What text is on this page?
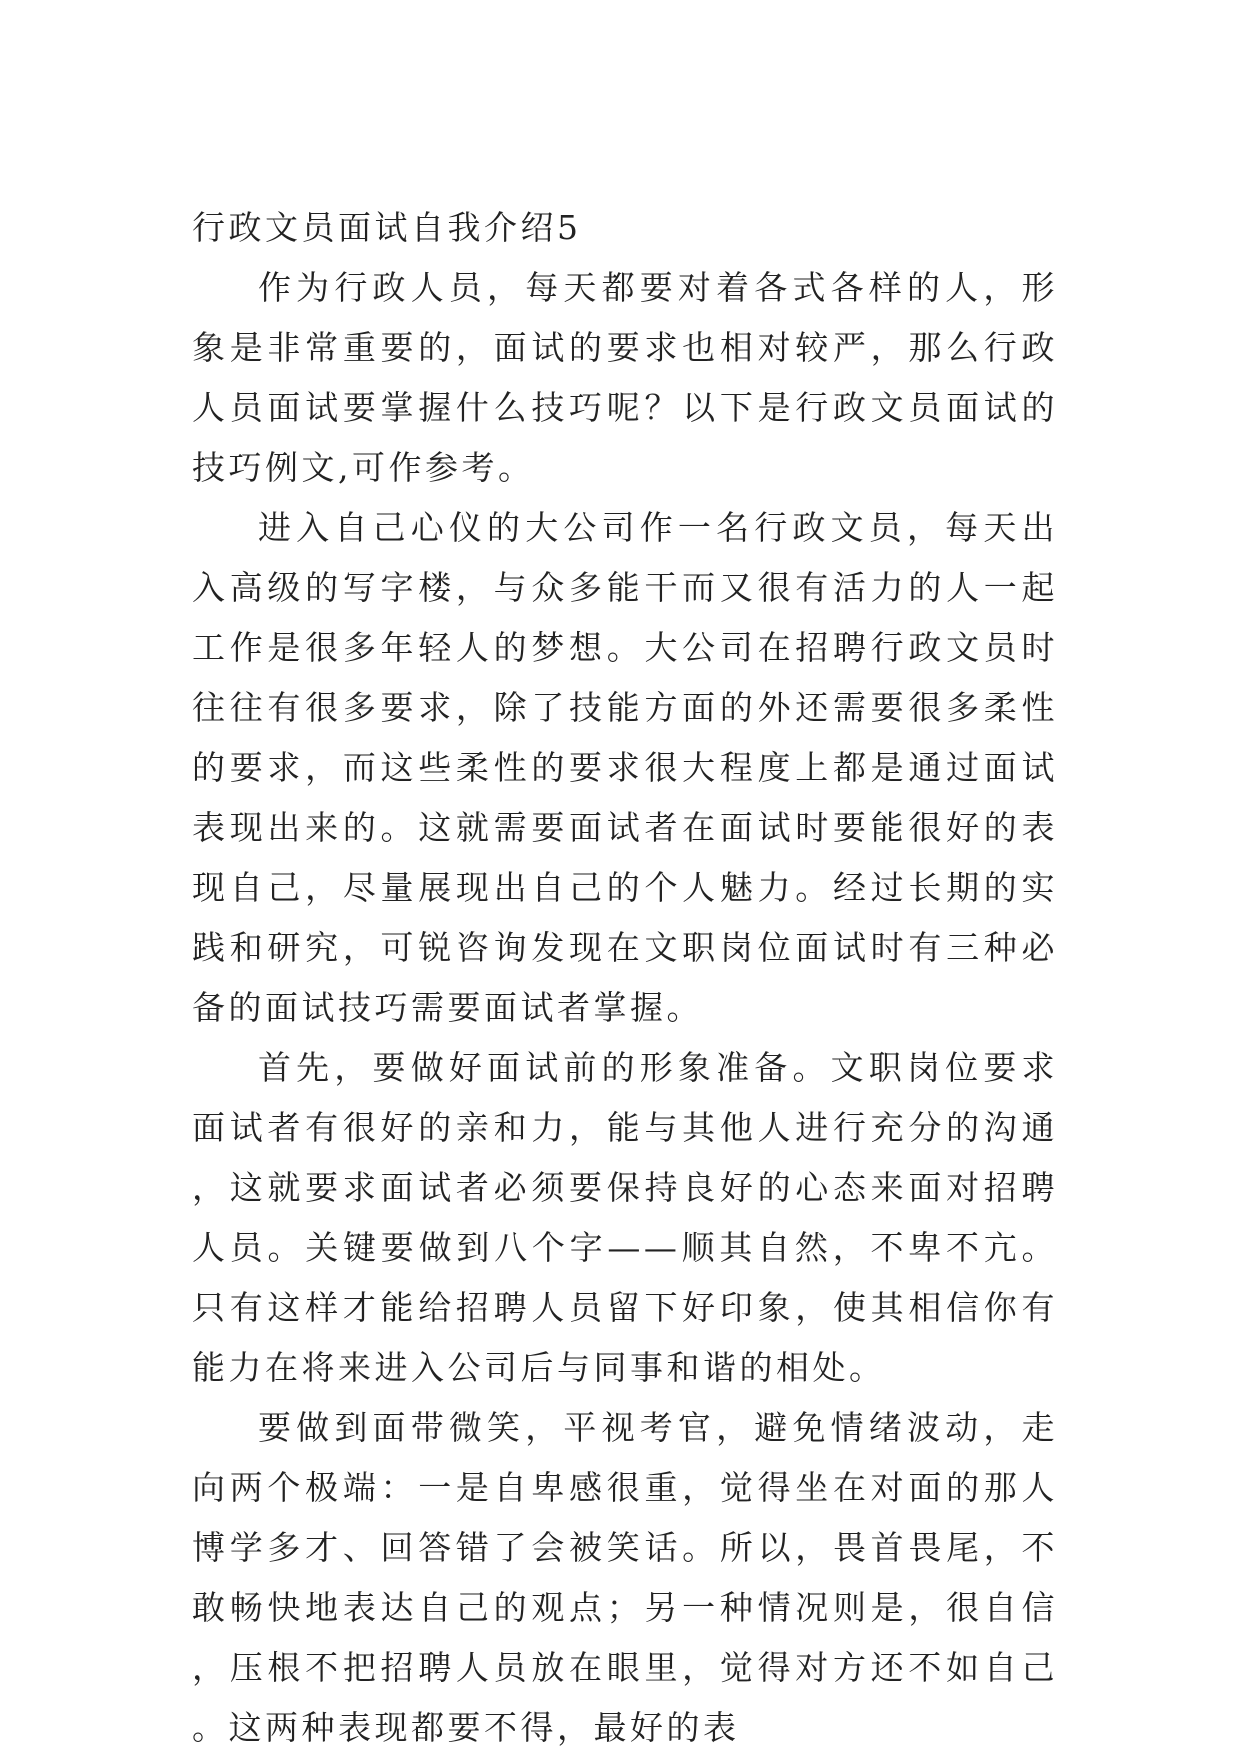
行政文员面试自我介绍5

作为行政人员，每天都要对着各式各样的人，形象是非常重要的，面试的要求也相对较严，那么行政人员面试要掌握什么技巧呢？以下是行政文员面试的技巧例文,可作参考。

进入自己心仪的大公司作一名行政文员，每天出入高级的写字楼，与众多能干而又很有活力的人一起工作是很多年轻人的梦想。大公司在招聘行政文员时往往有很多要求，除了技能方面的外还需要很多柔性的要求，而这些柔性的要求很大程度上都是通过面试表现出来的。这就需要面试者在面试时要能很好的表现自己，尽量展现出自己的个人魅力。经过长期的实践和研究，可锐咨询发现在文职岗位面试时有三种必备的面试技巧需要面试者掌握。

首先，要做好面试前的形象准备。文职岗位要求面试者有很好的亲和力，能与其他人进行充分的沟通，这就要求面试者必须要保持良好的心态来面对招聘人员。关键要做到八个字——顺其自然，不卑不亢。只有这样才能给招聘人员留下好印象，使其相信你有能力在将来进入公司后与同事和谐的相处。

要做到面带微笑，平视考官，避免情绪波动，走向两个极端：一是自卑感很重，觉得坐在对面的那人博学多才、回答错了会被笑话。所以，畏首畏尾，不敢畅快地表达自己的观点；另一种情况则是，很自信，压根不把招聘人员放在眼里，觉得对方还不如自己。这两种表现都要不得，最好的表
